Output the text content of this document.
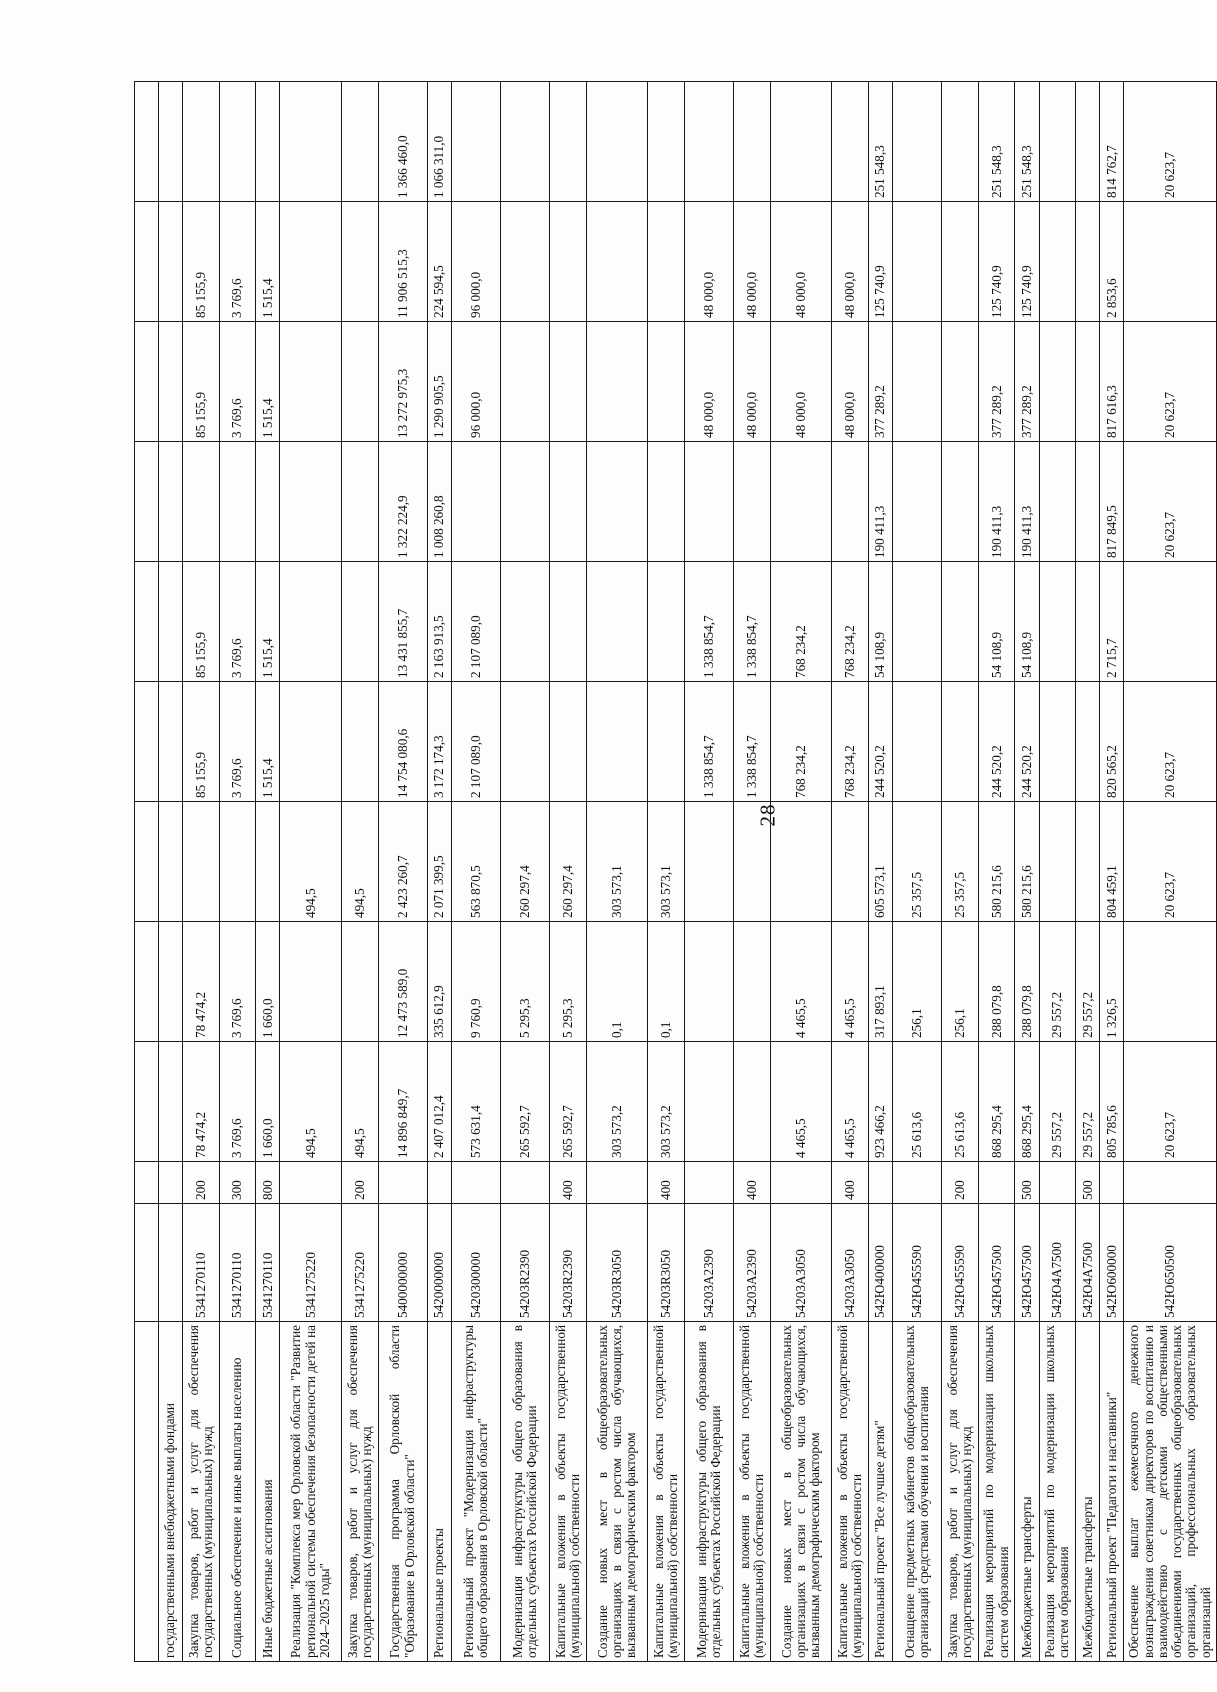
28

государственными внебюджетными фондами											
Закупка товаров, работ и услуг для обеспечения государственных (муниципальных) нужд	5341270110	200	78 474,2	78 474,2		85 155,9	85 155,9		85 155,9	85 155,9	
Социальное обеспечение и иные выплаты населению	5341270110	300	3 769,6	3 769,6		3 769,6	3 769,6		3 769,6	3 769,6	
Иные бюджетные ассигнования	5341270110	800	1 660,0	1 660,0		1 515,4	1 515,4		1 515,4	1 515,4	
Реализация "Комплекса мер Орловской области "Развитие региональной системы обеспечения безопасности детей на 2024–2025 годы"	5341275220		494,5		494,5						
Закупка товаров, работ и услуг для обеспечения государственных (муниципальных) нужд	5341275220	200	494,5		494,5						
Государственная программа Орловской области "Образование в Орловской области"	5400000000		14 896 849,7	12 473 589,0	2 423 260,7	14 754 080,6	13 431 855,7	1 322 224,9	13 272 975,3	11 906 515,3	1 366 460,0
Региональные проекты	5420000000		2 407 012,4	335 612,9	2 071 399,5	3 172 174,3	2 163 913,5	1 008 260,8	1 290 905,5	224 594,5	1 066 311,0
Региональный проект "Модернизация инфраструктуры общего образования в Орловской области"	5420300000		573 631,4	9 760,9	563 870,5	2 107 089,0	2 107 089,0		96 000,0	96 000,0	
Модернизация инфраструктуры общего образования в отдельных субъектах Российской Федерации	54203R2390		265 592,7	5 295,3	260 297,4						
Капитальные вложения в объекты государственной (муниципальной) собственности	54203R2390	400	265 592,7	5 295,3	260 297,4						
Создание новых мест в общеобразовательных организациях в связи с ростом числа обучающихся, вызванным демографическим фактором	54203R3050		303 573,2	0,1	303 573,1						
Капитальные вложения в объекты государственной (муниципальной) собственности	54203R3050	400	303 573,2	0,1	303 573,1						
Модернизация инфраструктуры общего образования в отдельных субъектах Российской Федерации	54203А2390					1 338 854,7	1 338 854,7		48 000,0	48 000,0	
Капитальные вложения в объекты государственной (муниципальной) собственности	54203А2390	400				1 338 854,7	1 338 854,7		48 000,0	48 000,0	
Создание новых мест в общеобразовательных организациях в связи с ростом числа обучающихся, вызванным демографическим фактором	54203А3050		4 465,5	4 465,5		768 234,2	768 234,2		48 000,0	48 000,0	
Капитальные вложения в объекты государственной (муниципальной) собственности	54203А3050	400	4 465,5	4 465,5		768 234,2	768 234,2		48 000,0	48 000,0	
Региональный проект "Все лучшее детям"	542Ю400000		923 466,2	317 893,1	605 573,1	244 520,2	54 108,9	190 411,3	377 289,2	125 740,9	251 548,3
Оснащение предметных кабинетов общеобразовательных организаций средствами обучения и воспитания	542Ю455590		25 613,6	256,1	25 357,5						
Закупка товаров, работ и услуг для обеспечения государственных (муниципальных) нужд	542Ю455590	200	25 613,6	256,1	25 357,5						
Реализация мероприятий по модернизации школьных систем образования	542Ю457500		868 295,4	288 079,8	580 215,6	244 520,2	54 108,9	190 411,3	377 289,2	125 740,9	251 548,3
Межбюджетные трансферты	542Ю457500	500	868 295,4	288 079,8	580 215,6	244 520,2	54 108,9	190 411,3	377 289,2	125 740,9	251 548,3
Реализация мероприятий по модернизации школьных систем образования	542Ю4А7500		29 557,2	29 557,2							
Межбюджетные трансферты	542Ю4А7500	500	29 557,2	29 557,2							
Региональный проект "Педагоги и наставники"	542Ю600000		805 785,6	1 326,5	804 459,1	820 565,2	2 715,7	817 849,5	817 616,3	2 853,6	814 762,7
Обеспечение выплат ежемесячного денежного вознаграждения советникам директоров по воспитанию и взаимодействию с детскими общественными объединениями государственных общеобразовательных организаций, профессиональных образовательных организаций	542Ю650500		20 623,7		20 623,7	20 623,7		20 623,7	20 623,7		20 623,7
